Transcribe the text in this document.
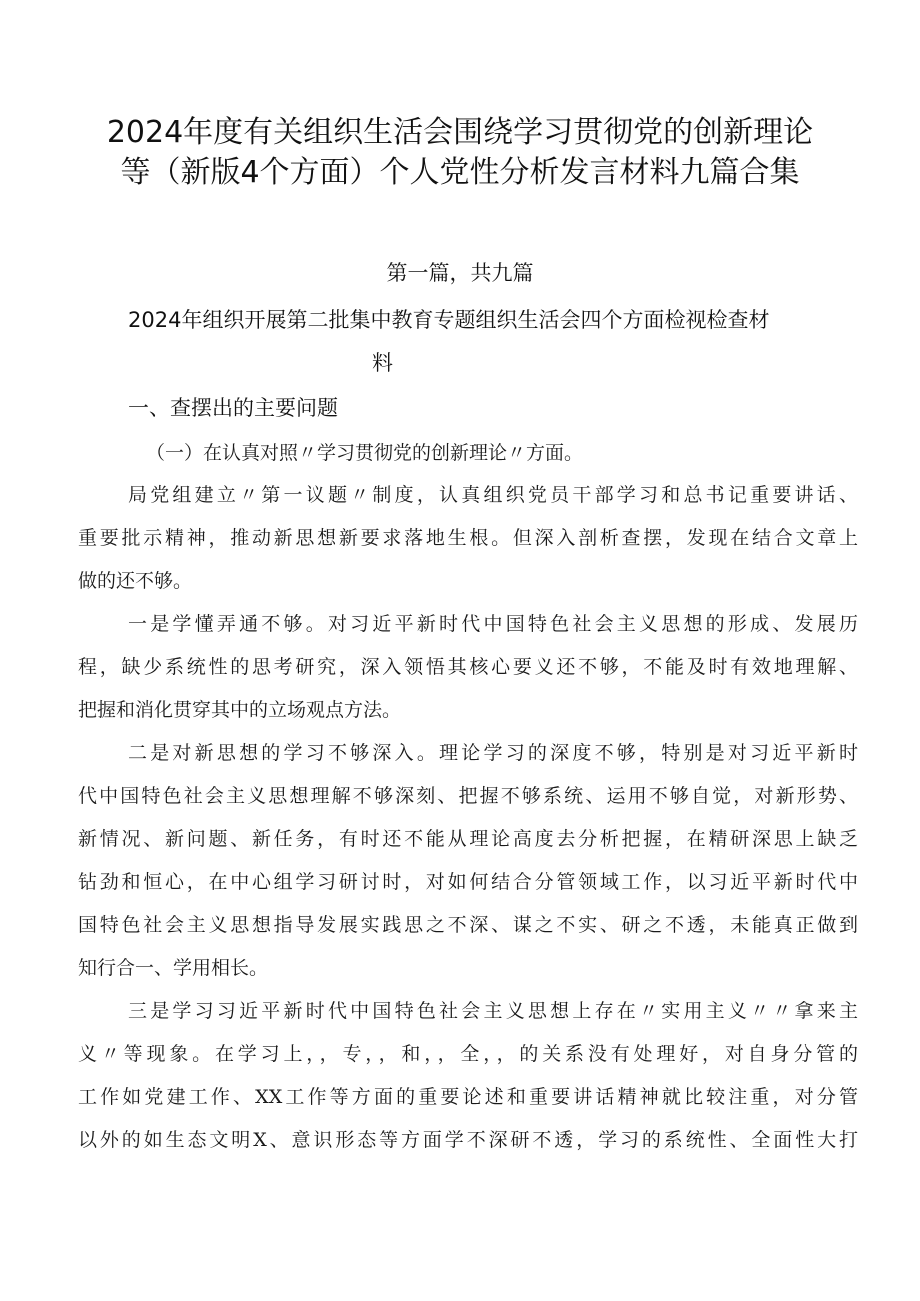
2024年度有关组织生活会围绕学习贯彻党的创新理论
等（新版4个方面）个人党性分析发言材料九篇合集
第一篇，共九篇
2024年组织开展第二批集中教育专题组织生活会四个方面检视检查材
料
一、查摆出的主要问题

（一）在认真对照〃学习贯彻党的创新理论〃方面。

局党组建立〃第一议题〃制度，认真组织党员干部学习和总书记重要讲话、

重要批示精神，推动新思想新要求落地生根。但深入剖析查摆，发现在结合文章上

做的还不够。

一是学懂弄通不够。对习近平新时代中国特色社会主义思想的形成、发展历

程，缺少系统性的思考研究，深入领悟其核心要义还不够，不能及时有效地理解、

把握和消化贯穿其中的立场观点方法。

二是对新思想的学习不够深入。理论学习的深度不够，特别是对习近平新时

代中国特色社会主义思想理解不够深刻、把握不够系统、运用不够自觉，对新形势、

新情况、新问题、新任务，有时还不能从理论高度去分析把握，在精研深思上缺乏

钻劲和恒心，在中心组学习研讨时，对如何结合分管领域工作，以习近平新时代中

国特色社会主义思想指导发展实践思之不深、谋之不实、研之不透，未能真正做到

知行合一、学用相长。

三是学习习近平新时代中国特色社会主义思想上存在〃实用主义〃〃拿来主

义〃等现象。在学习上，，专，，和，，全，，的关系没有处理好，对自身分管的

工作如党建工作、XX工作等方面的重要论述和重要讲话精神就比较注重，对分管

以外的如生态文明X、意识形态等方面学不深研不透，学习的系统性、全面性大打
